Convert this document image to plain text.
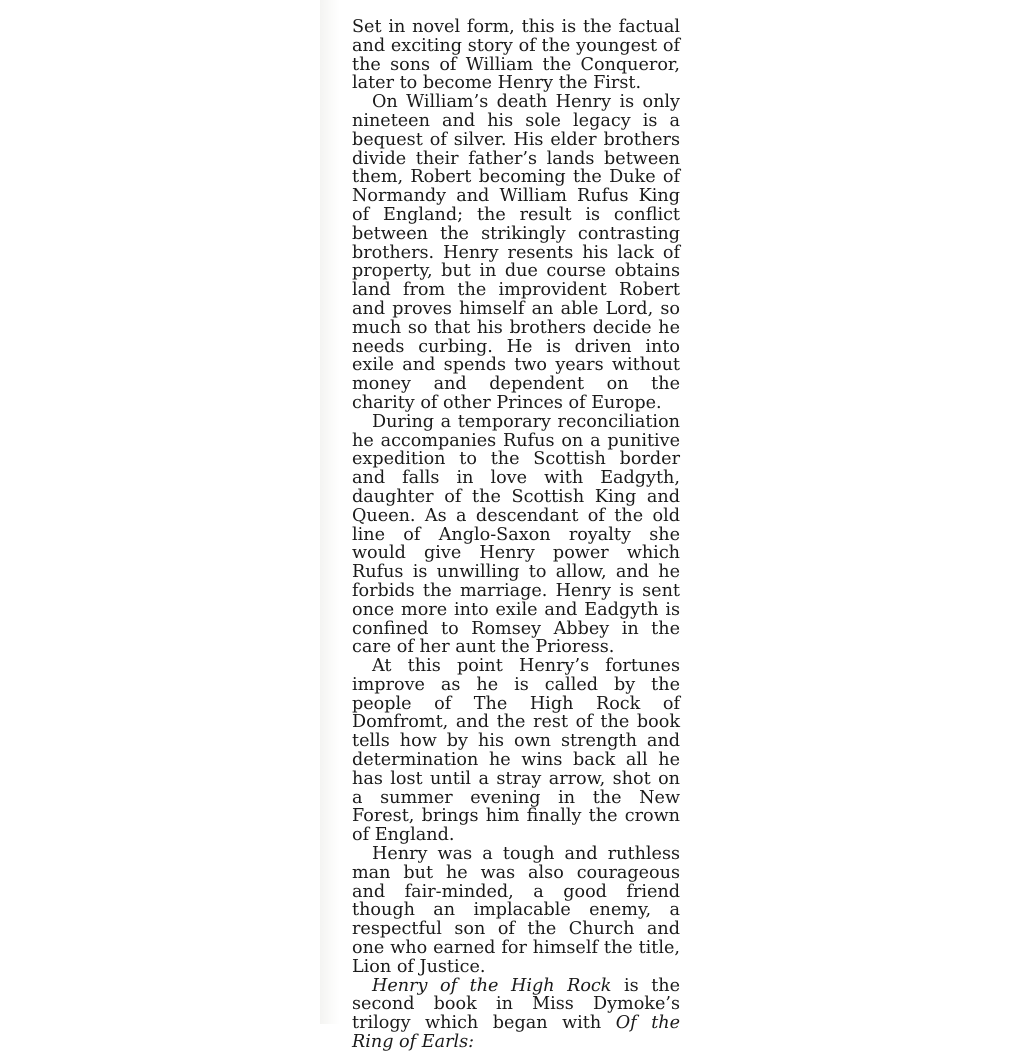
Set in novel form, this is the factual and exciting story of the youngest of the sons of William the Conqueror, later to become Henry the First.

On William’s death Henry is only nineteen and his sole legacy is a bequest of silver. His elder brothers divide their father’s lands between them, Robert becoming the Duke of Normandy and William Rufus King of England; the result is conflict between the strikingly contrasting brothers. Henry resents his lack of property, but in due course obtains land from the improvident Robert and proves himself an able Lord, so much so that his brothers decide he needs curbing. He is driven into exile and spends two years without money and dependent on the charity of other Princes of Europe.

During a temporary reconciliation he accompanies Rufus on a punitive expedition to the Scottish border and falls in love with Eadgyth, daughter of the Scottish King and Queen. As a descendant of the old line of Anglo-Saxon royalty she would give Henry power which Rufus is unwilling to allow, and he forbids the marriage. Henry is sent once more into exile and Eadgyth is confined to Romsey Abbey in the care of her aunt the Prioress.

At this point Henry’s fortunes improve as he is called by the people of The High Rock of Domfromt, and the rest of the book tells how by his own strength and determination he wins back all he has lost until a stray arrow, shot on a summer evening in the New Forest, brings him finally the crown of England.

Henry was a tough and ruthless man but he was also courageous and fair-minded, a good friend though an implacable enemy, a respectful son of the Church and one who earned for himself the title, Lion of Justice.

Henry of the High Rock is the second book in Miss Dymoke’s trilogy which began with Of the Ring of Earls:
